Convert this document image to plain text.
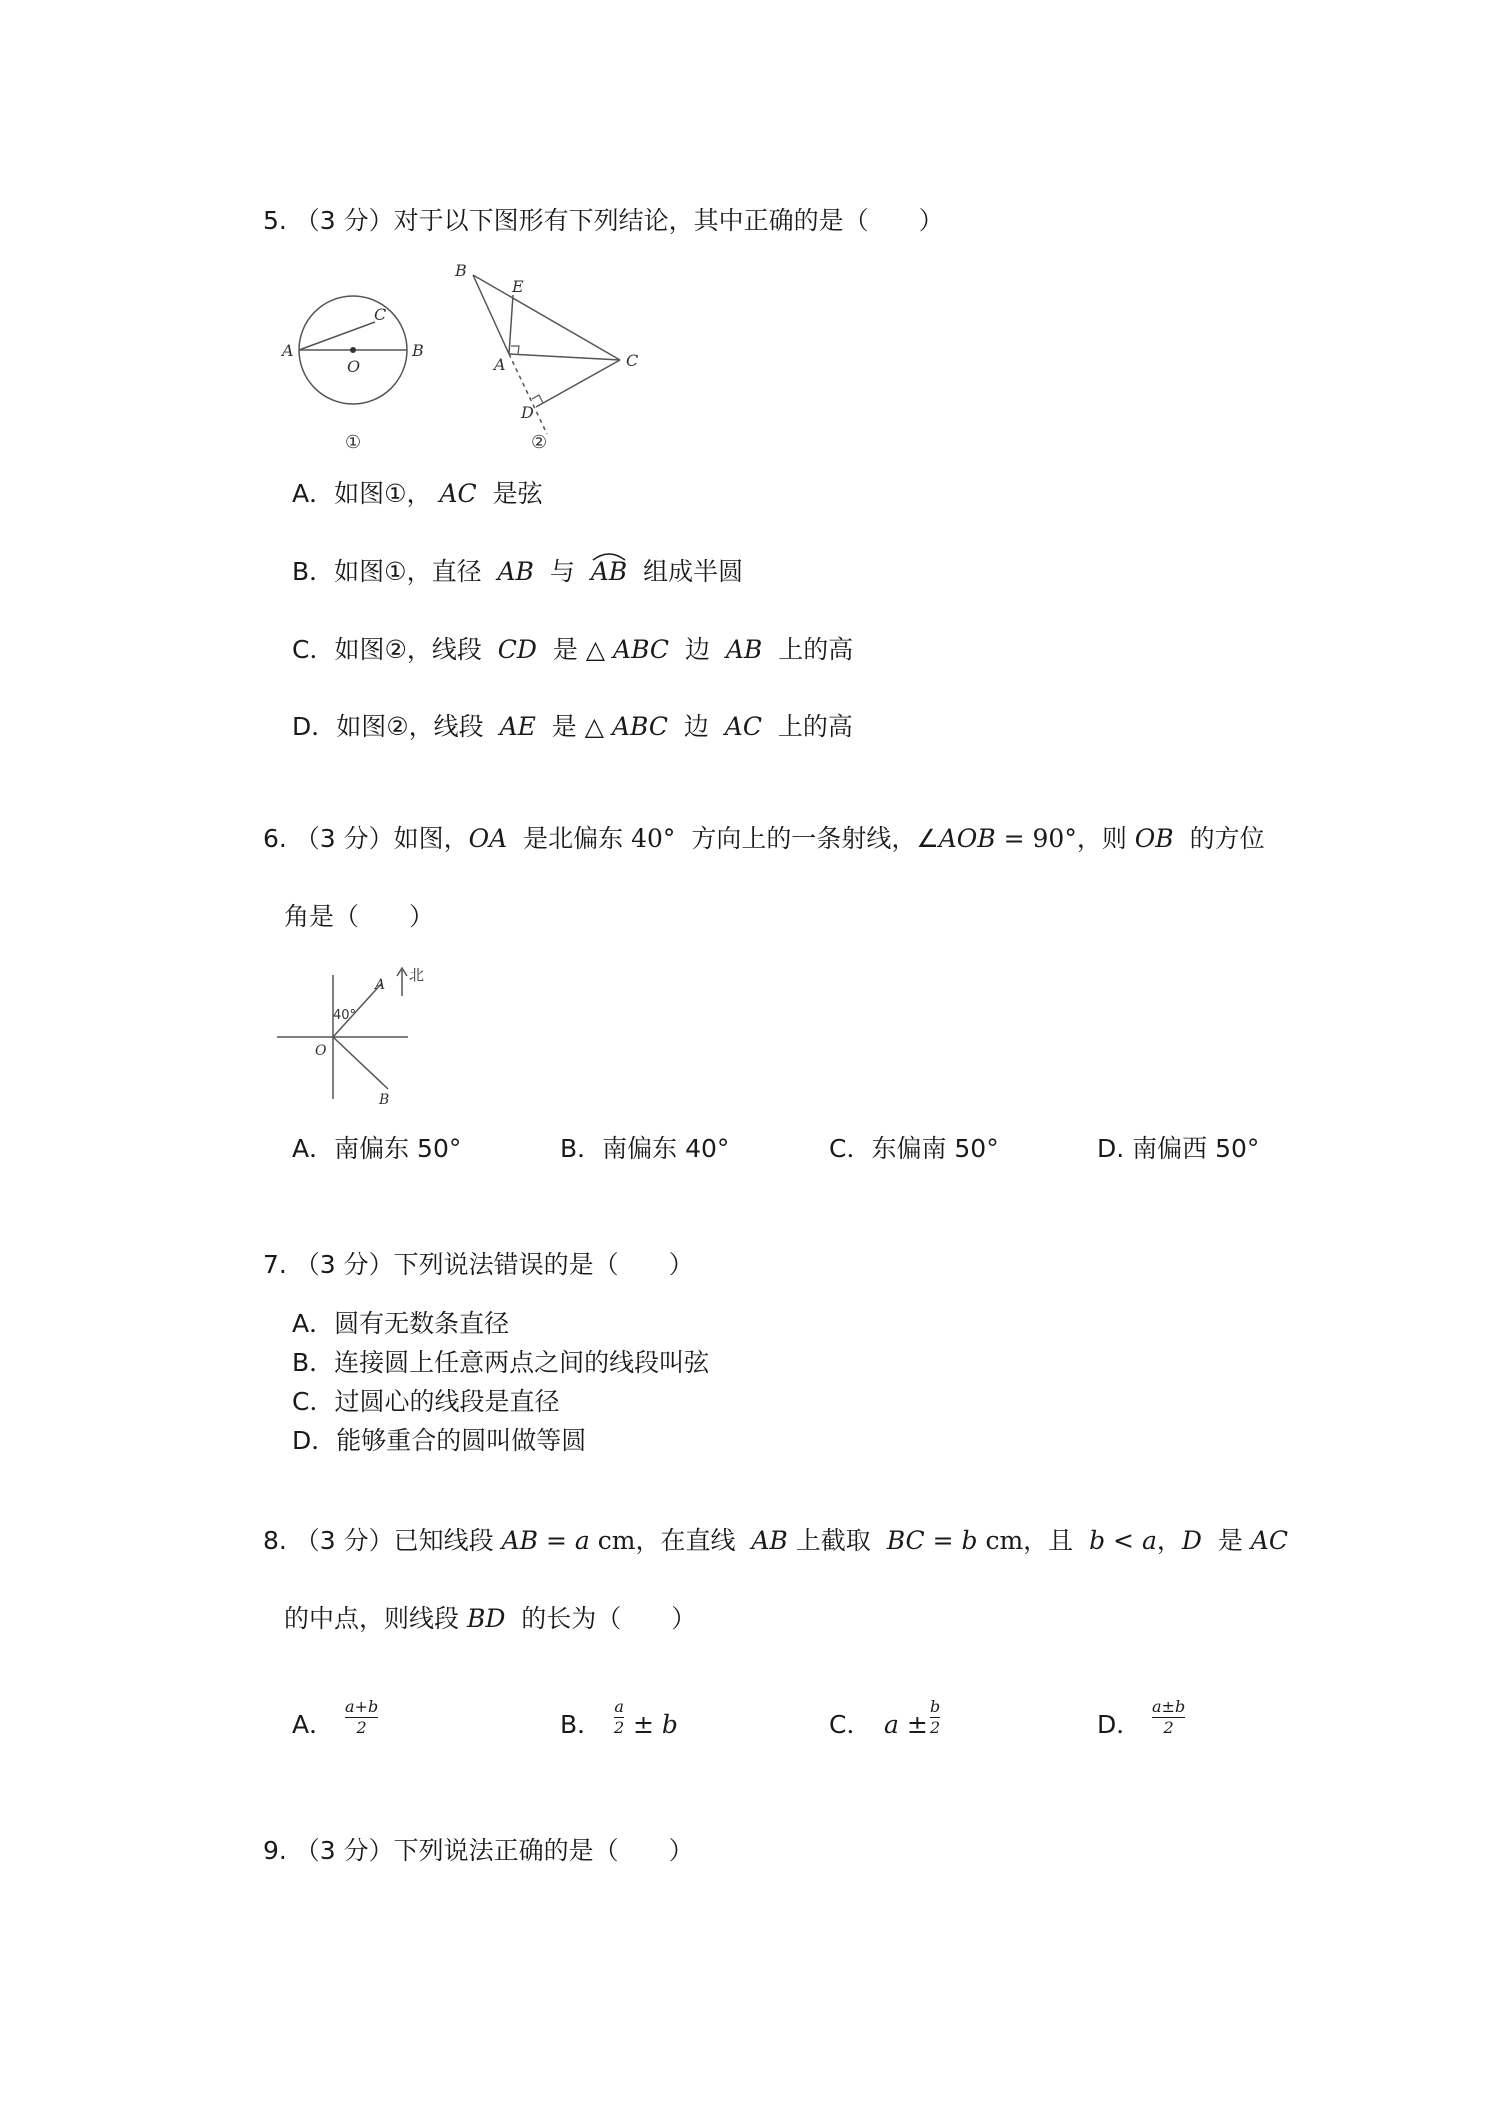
5. （3 分）对于以下图形有下列结论，其中正确的是（　　）
A	B
C
O
①
B
E
A	C
D
②
A．如图①， AC 是弦
B．如图①，直径 AB 与 AB 组成半圆
C．如图②，线段 CD 是 △ ABC 边 AB 上的高
D．如图②，线段 AE 是 △ ABC 边 AC 上的高
6. （3 分）如图，OA 是北偏东 40° 方向上的一条射线，∠AOB = 90°，则 OB 的方位
角是（　　）
北
40°
A
O
B
A．南偏东 50°	B．南偏东 40°	C．东偏南 50°	D. 南偏西 50°
7. （3 分）下列说法错误的是（　　）
A．圆有无数条直径
B．连接圆上任意两点之间的线段叫弦
C．过圆心的线段是直径
D．能够重合的圆叫做等圆
8. （3 分）已知线段 AB = a cm，在直线 AB 上截取 BC = b cm，且 b < a，D 是 AC
的中点，则线段 BD 的长为（　　）
A．
a+b
2	B．
a
2 ± b	C． a ±
b
2	D．
a±b
2
9. （3 分）下列说法正确的是（　　）
